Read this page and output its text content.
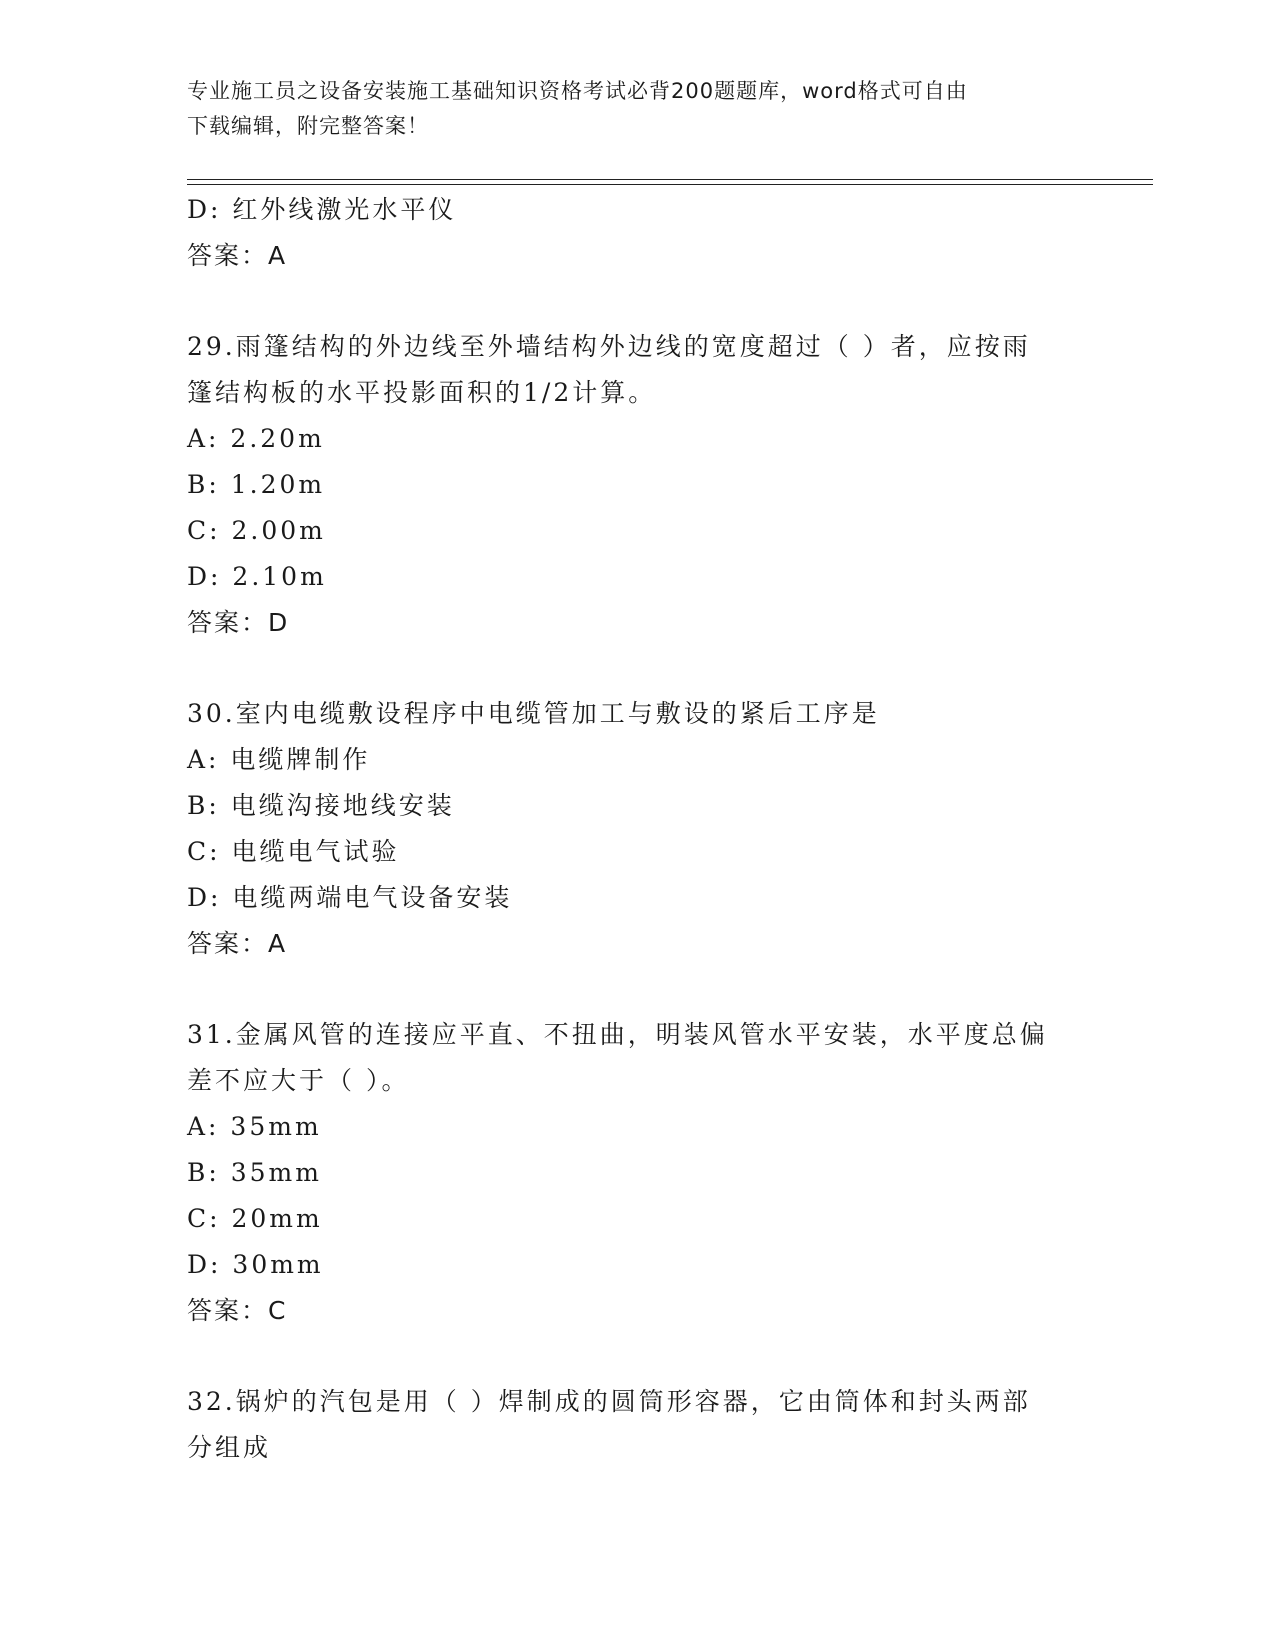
专业施工员之设备安装施工基础知识资格考试必背200题题库，word格式可自由
下载编辑，附完整答案！
D: 红外线激光水平仪
答案：A
29.雨篷结构的外边线至外墙结构外边线的宽度超过（ ）者，应按雨
篷结构板的水平投影面积的1/2计算。
A: 2.20m
B: 1.20m
C: 2.00m
D: 2.10m
答案：D
30.室内电缆敷设程序中电缆管加工与敷设的紧后工序是
A: 电缆牌制作
B: 电缆沟接地线安装
C: 电缆电气试验
D: 电缆两端电气设备安装
答案：A
31.金属风管的连接应平直、不扭曲，明装风管水平安装，水平度总偏
差不应大于（ ）。
A: 35mm
B: 35mm
C: 20mm
D: 30mm
答案：C
32.锅炉的汽包是用（ ）焊制成的圆筒形容器，它由筒体和封头两部
分组成
